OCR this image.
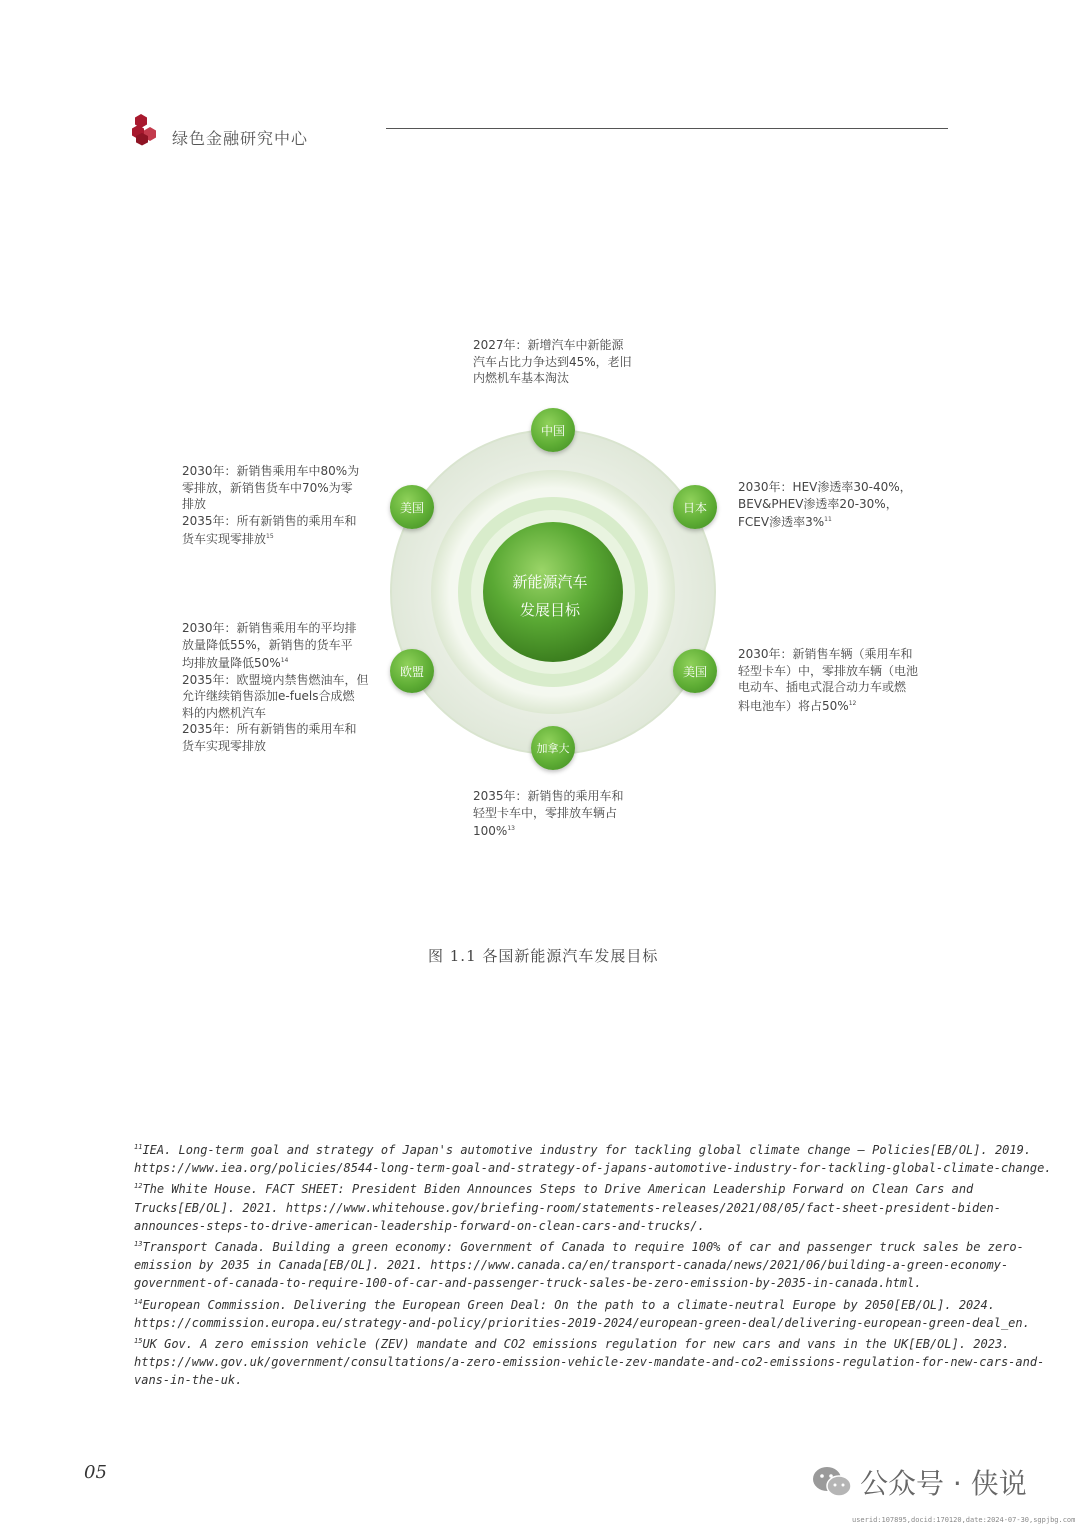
绿色金融研究中心
新能源汽车
发展目标
中国
日本
美国
加拿大
欧盟
美国
2027年：新增汽车中新能源
汽车占比力争达到45%，老旧
内燃机车基本淘汰
2030年：HEV渗透率30-40%，
BEV&PHEV渗透率20-30%，
FCEV渗透率3%$^{11}$
2030年：新销售车辆（乘用车和
轻型卡车）中，零排放车辆（电池
电动车、插电式混合动力车或燃
料电池车）将占50%$^{12}$
2035年：新销售的乘用车和
轻型卡车中，零排放车辆占
100%$^{13}$
2030年：新销售乘用车的平均排
放量降低55%，新销售的货车平
均排放量降低50%$^{14}$
2035年：欧盟境内禁售燃油车，但
允许继续销售添加e-fuels合成燃
料的内燃机汽车
2035年：所有新销售的乘用车和
货车实现零排放
2030年：新销售乘用车中80%为
零排放，新销售货车中70%为零
排放
2035年：所有新销售的乘用车和
货车实现零排放$^{15}$
图 1.1 各国新能源汽车发展目标

$^{11}$IEA. Long-term goal and strategy of Japan's automotive industry for tackling global climate change – Policies[EB/OL]. 2019. https://www.iea.org/policies/8544-long-term-goal-and-strategy-of-japans-automotive-industry-for-tackling-global-climate-change.

$^{12}$The White House. FACT SHEET: President Biden Announces Steps to Drive American Leadership Forward on Clean Cars and Trucks[EB/OL]. 2021. https://www.whitehouse.gov/briefing-room/statements-releases/2021/08/05/fact-sheet-president-biden-announces-steps-to-drive-american-leadership-forward-on-clean-cars-and-trucks/.

$^{13}$Transport Canada. Building a green economy: Government of Canada to require 100% of car and passenger truck sales be zero-emission by 2035 in Canada[EB/OL]. 2021. https://www.canada.ca/en/transport-canada/news/2021/06/building-a-green-economy-government-of-canada-to-require-100-of-car-and-passenger-truck-sales-be-zero-emission-by-2035-in-canada.html.

$^{14}$European Commission. Delivering the European Green Deal: On the path to a climate-neutral Europe by 2050[EB/OL]. 2024. https://commission.europa.eu/strategy-and-policy/priorities-2019-2024/european-green-deal/delivering-european-green-deal_en.

$^{15}$UK Gov. A zero emission vehicle (ZEV) mandate and CO2 emissions regulation for new cars and vans in the UK[EB/OL]. 2023. https://www.gov.uk/government/consultations/a-zero-emission-vehicle-zev-mandate-and-co2-emissions-regulation-for-new-cars-and-vans-in-the-uk.

05	公众号 · 侠说
userid:107895,docid:170120,date:2024-07-30,sgpjbg.com
